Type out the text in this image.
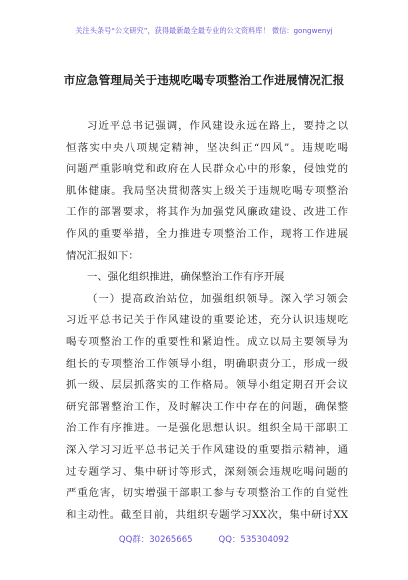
关注头条号“公文研究”，获得最新最全最专业的公文资料库！ 微信：gongwenyj
市应急管理局关于违规吃喝专项整治工作进展情况汇报
习近平总书记强调，作风建设永远在路上，要持之以
恒落实中央八项规定精神，坚决纠正“四风”。违规吃喝
问题严重影响党和政府在人民群众心中的形象，侵蚀党的
肌体健康。我局坚决贯彻落实上级关于违规吃喝专项整治
工作的部署要求，将其作为加强党风廉政建设、改进工作
作风的重要举措，全力推进专项整治工作，现将工作进展
情况汇报如下：
一、强化组织推进，确保整治工作有序开展
（一）提高政治站位，加强组织领导。深入学习领会
习近平总书记关于作风建设的重要论述，充分认识违规吃
喝专项整治工作的重要性和紧迫性。成立以局主要领导为
组长的专项整治工作领导小组，明确职责分工，形成一级
抓一级、层层抓落实的工作格局。领导小组定期召开会议
研究部署整治工作，及时解决工作中存在的问题，确保整
治工作有序推进。一是强化思想认识。组织全局干部职工
深入学习习近平总书记关于作风建设的重要指示精神，通
过专题学习、集中研讨等形式，深刻领会违规吃喝问题的
严重危害，切实增强干部职工参与专项整治工作的自觉性
和主动性。截至目前，共组织专题学习XX次，集中研讨XX
QQ群：30265665	QQ：535304092
